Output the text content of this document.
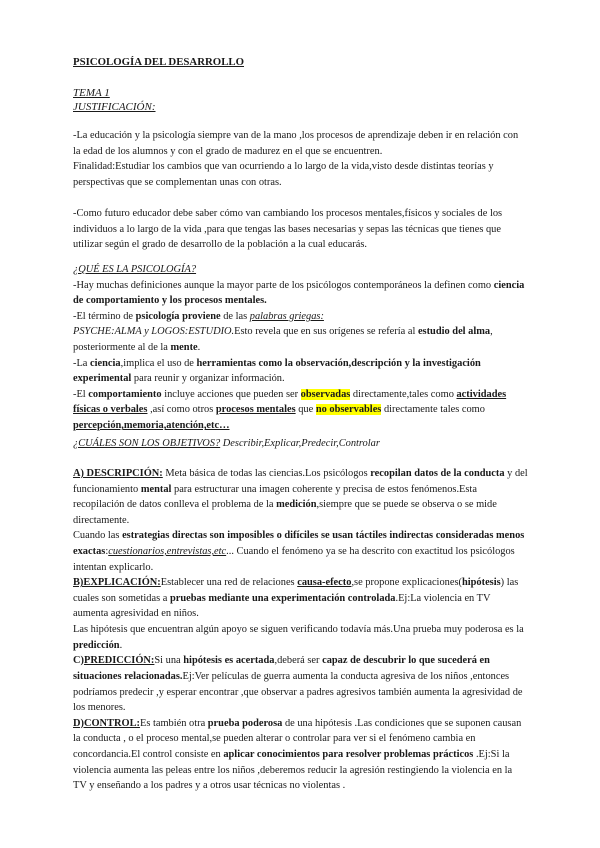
PSICOLOGÍA DEL DESARROLLO

TEMA 1
JUSTIFICACIÓN:
-La educación y la psicología siempre van de la mano ,los procesos de aprendizaje deben ir en relación con la edad de los alumnos y con el grado de madurez en el que se encuentren.
Finalidad:Estudiar los cambios que van ocurriendo a lo largo de la vida,visto desde distintas teorías y perspectivas que se complementan unas con otras.
-Como futuro educador debe saber cómo van cambiando los procesos mentales,físicos y sociales de los individuos a lo largo de la vida ,para que tengas las bases necesarias y sepas las técnicas que tienes que utilizar según el grado de desarrollo de la población a la cual educarás.
¿QUÉ ES LA PSICOLOGÍA?
-Hay muchas definiciones aunque la mayor parte de los psicólogos contemporáneos la definen como ciencia de comportamiento y los procesos mentales.
-El término de psicología proviene de las palabras griegas:
PSYCHE:ALMA y LOGOS:ESTUDIO.Esto revela que en sus orígenes se refería al estudio del alma, posteriormente al de la mente.
-La ciencia,implica el uso de herramientas como la observación,descripción y la investigación experimental para reunir y organizar información.
-El comportamiento incluye acciones que pueden ser observadas directamente,tales como actividades físicas o verbales ,así como otros procesos mentales que no observables directamente tales como percepción,memoria,atención,etc…
¿CUÁLES SON LOS OBJETIVOS? Describir,Explicar,Predecir,Controlar
A) DESCRIPCIÓN: Meta básica de todas las ciencias.Los psicólogos recopilan datos de la conducta y del funcionamiento mental para estructurar una imagen coherente y precisa de estos fenómenos.Esta recopilación de datos conlleva el problema de la medición,siempre que se puede se observa o se mide directamente.
Cuando las estrategias directas son imposibles o difíciles se usan táctiles indirectas consideradas menos exactas:cuestionarios,entrevistas,etc... Cuando el fenómeno ya se ha descrito con exactitud los psicólogos intentan explicarlo.
B)EXPLICACIÓN:Establecer una red de relaciones causa-efecto,se propone explicaciones(hipótesis) las cuales son sometidas a pruebas mediante una experimentación controlada.Ej:La violencia en TV aumenta agresividad en niños.
Las hipótesis que encuentran algún apoyo se siguen verificando todavía más.Una prueba muy poderosa es la predicción.
C)PREDICCIÓN:Si una hipótesis es acertada,deberá ser capaz de descubrir lo que sucederá en situaciones relacionadas.Ej:Ver películas de guerra aumenta la conducta agresiva de los niños ,entonces podríamos predecir ,y esperar encontrar ,que observar a padres agresivos también aumenta la agresividad de los menores.
D)CONTROL:Es también otra prueba poderosa de una hipótesis .Las condiciones que se suponen causan la conducta , o el proceso mental,se pueden alterar o controlar para ver si el fenómeno cambia en concordancia.El control consiste en aplicar conocimientos para resolver problemas prácticos .Ej:Si la violencia aumenta las peleas entre los niños ,deberemos reducir la agresión restingiendo la violencia en la TV y enseñando a los padres y a otros usar técnicas no violentas .
